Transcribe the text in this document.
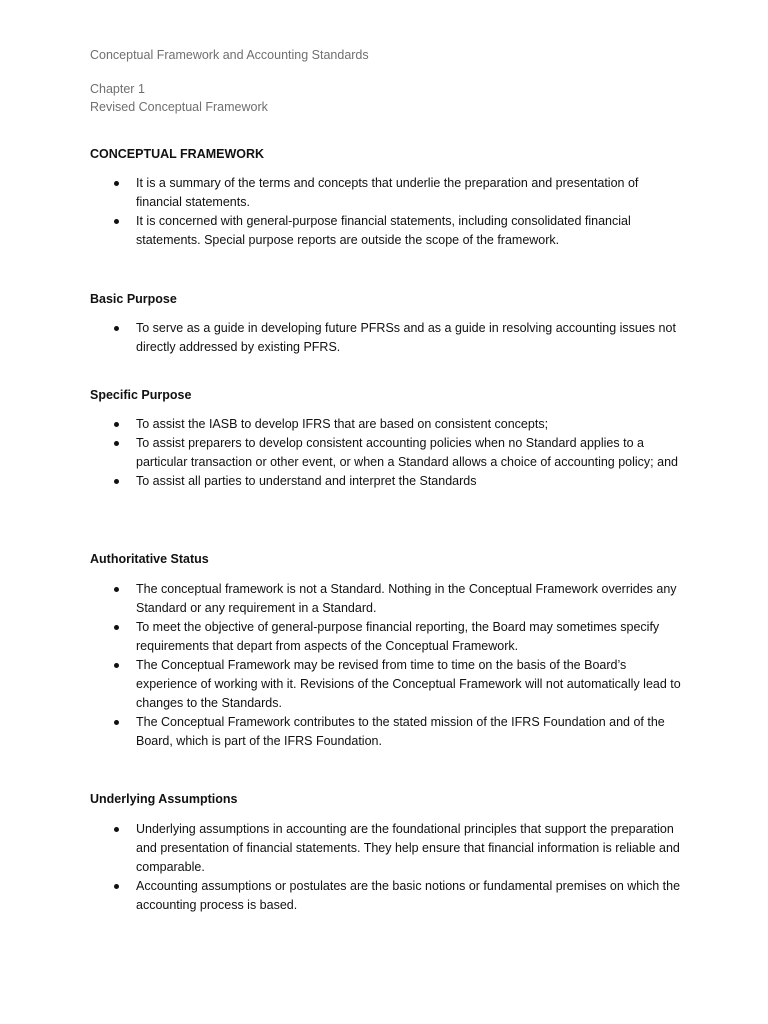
Conceptual Framework and Accounting Standards
Chapter 1
Revised Conceptual Framework
CONCEPTUAL FRAMEWORK
It is a summary of the terms and concepts that underlie the preparation and presentation of financial statements.
It is concerned with general-purpose financial statements, including consolidated financial statements. Special purpose reports are outside the scope of the framework.
Basic Purpose
To serve as a guide in developing future PFRSs and as a guide in resolving accounting issues not directly addressed by existing PFRS.
Specific Purpose
To assist the IASB to develop IFRS that are based on consistent concepts;
To assist preparers to develop consistent accounting policies when no Standard applies to a particular transaction or other event, or when a Standard allows a choice of accounting policy; and
To assist all parties to understand and interpret the Standards
Authoritative Status
The conceptual framework is not a Standard. Nothing in the Conceptual Framework overrides any Standard or any requirement in a Standard.
To meet the objective of general-purpose financial reporting, the Board may sometimes specify requirements that depart from aspects of the Conceptual Framework.
The Conceptual Framework may be revised from time to time on the basis of the Board’s experience of working with it. Revisions of the Conceptual Framework will not automatically lead to changes to the Standards.
The Conceptual Framework contributes to the stated mission of the IFRS Foundation and of the Board, which is part of the IFRS Foundation.
Underlying Assumptions
Underlying assumptions in accounting are the foundational principles that support the preparation and presentation of financial statements. They help ensure that financial information is reliable and comparable.
Accounting assumptions or postulates are the basic notions or fundamental premises on which the accounting process is based.
